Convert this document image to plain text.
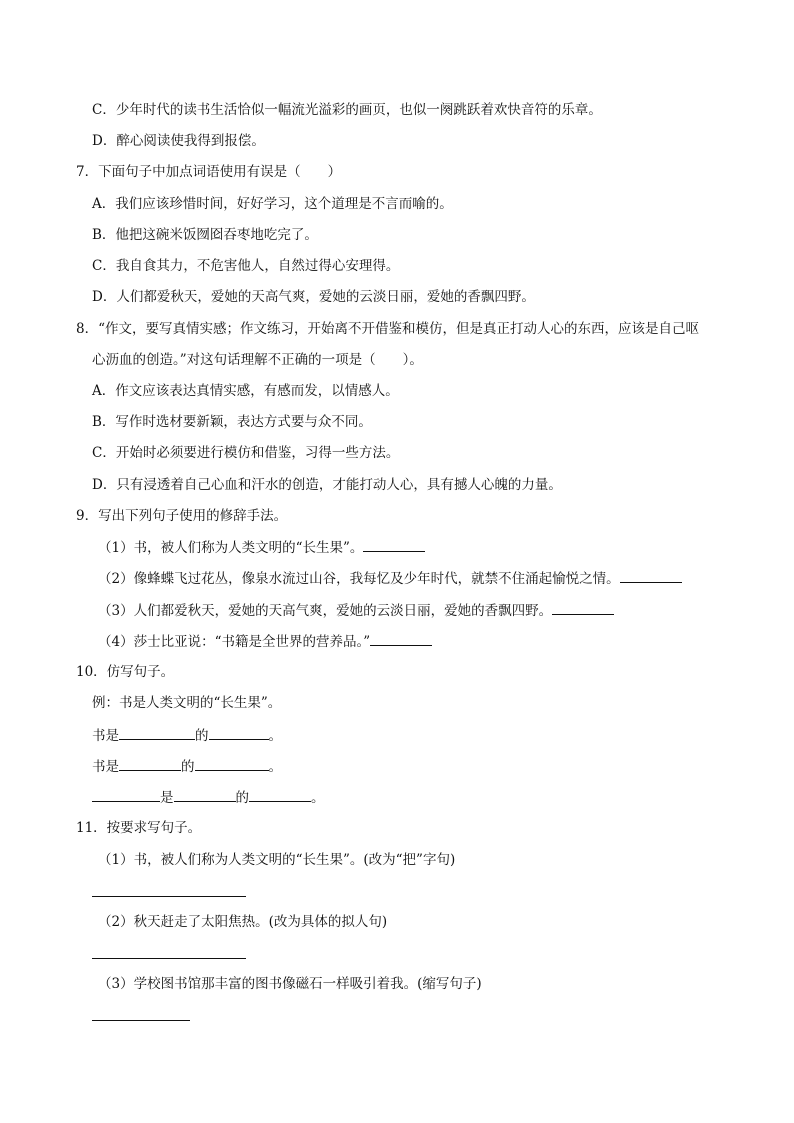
C．少年时代的读书生活恰似一幅流光溢彩的画页，也似一阕跳跃着欢快音符的乐章。
D．醉心阅读使我得到报偿。
7．下面句子中加点词语使用有误是（　　）
A．我们应该珍惜时间，好好学习，这个道理是不言而喻的。
B．他把这碗米饭囫囵吞枣地吃完了。
C．我自食其力，不危害他人，自然过得心安理得。
D．人们都爱秋天，爱她的天高气爽，爱她的云淡日丽，爱她的香飘四野。
8．“作文，要写真情实感；作文练习，开始离不开借鉴和模仿，但是真正打动人心的东西，应该是自己呕
心沥血的创造。”对这句话理解不正确的一项是（　　）。
A．作文应该表达真情实感，有感而发，以情感人。
B．写作时选材要新颖，表达方式要与众不同。
C．开始时必须要进行模仿和借鉴，习得一些方法。
D．只有浸透着自己心血和汗水的创造，才能打动人心，具有撼人心魄的力量。
9．写出下列句子使用的修辞手法。
（1）书，被人们称为人类文明的“长生果”。
（2）像蜂蝶飞过花丛，像泉水流过山谷，我每忆及少年时代，就禁不住涌起愉悦之情。
（3）人们都爱秋天，爱她的天高气爽，爱她的云淡日丽，爱她的香飘四野。
（4）莎士比亚说：“书籍是全世界的营养品。”
10．仿写句子。
例：书是人类文明的“长生果”。
书是	的	。
书是	的	。
是	的	。
11．按要求写句子。
（1）书，被人们称为人类文明的“长生果”。(改为“把”字句)
（2）秋天赶走了太阳焦热。(改为具体的拟人句)
（3）学校图书馆那丰富的图书像磁石一样吸引着我。(缩写句子)
